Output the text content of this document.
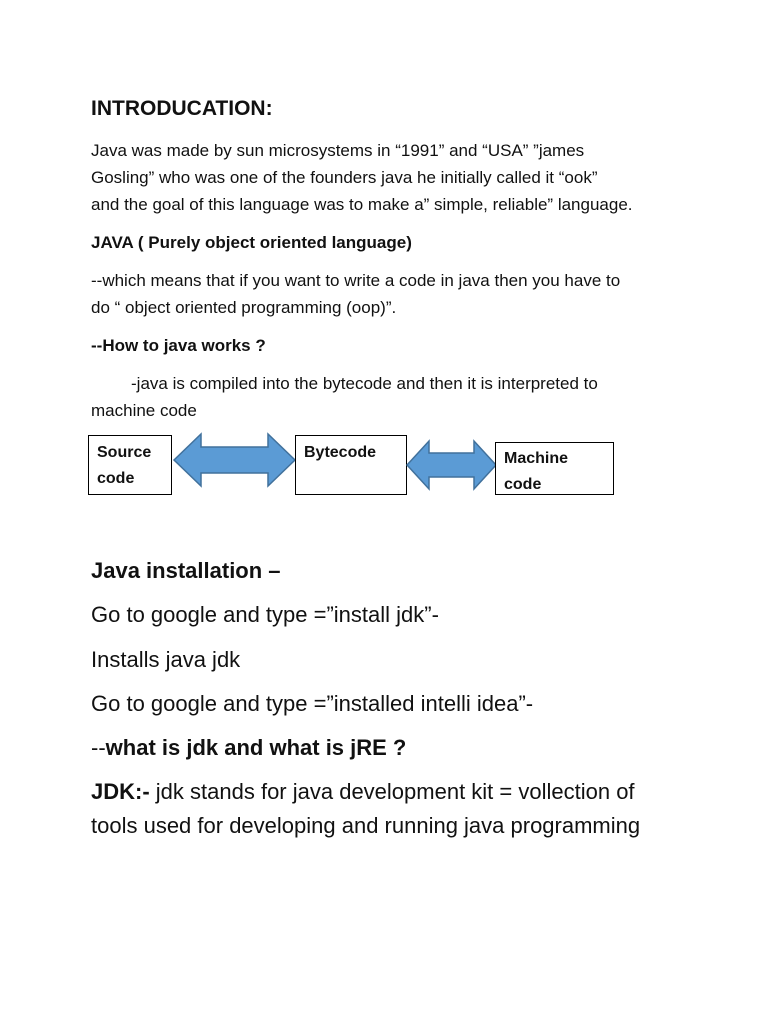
INTRODUCATION:

Java was made by sun microsystems in “1991” and “USA” ”james

Gosling” who was one of the founders java he initially called it “ook”

and the goal of this language was to make a” simple, reliable” language.

JAVA ( Purely object oriented language)

--which means that if you want to write a code in java then you have to

do “ object oriented programming (oop)”.

--How to java works ?

-java is compiled into the bytecode and then it is interpreted to

machine code

Source
code
Bytecode	Machine
code

Java installation –

Go to google and type =”install jdk”-

Installs java jdk

Go to google and type =”installed intelli idea”-

--what is jdk and what is jRE ?

JDK:- jdk stands for java development kit = vollection of

tools used for developing and running java programming
